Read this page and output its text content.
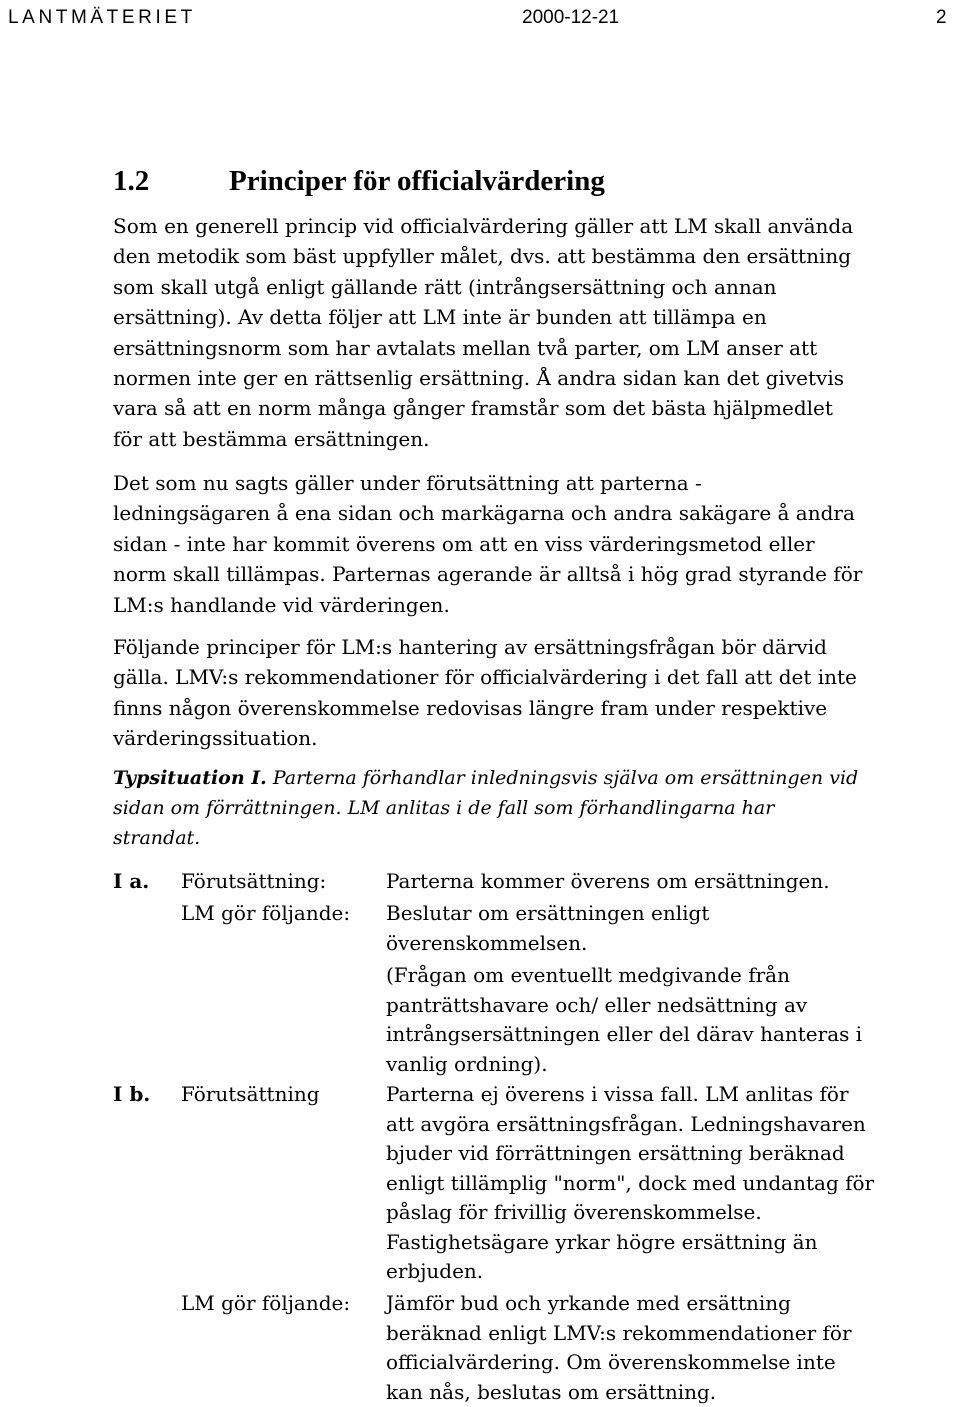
LANTMÄTERIET	2000-12-21	2
1.2	Principer för officialvärdering

Som en generell princip vid officialvärdering gäller att LM skall använda den metodik som bäst uppfyller målet, dvs. att bestämma den ersättning som skall utgå enligt gällande rätt (intrångsersättning och annan ersättning). Av detta följer att LM inte är bunden att tillämpa en ersättningsnorm som har avtalats mellan två parter, om LM anser att normen inte ger en rättsenlig ersättning. Å andra sidan kan det givetvis vara så att en norm många gånger framstår som det bästa hjälpmedlet för att bestämma ersättningen.

Det som nu sagts gäller under förutsättning att parterna - ledningsägaren å ena sidan och markägarna och andra sakägare å andra sidan - inte har kommit överens om att en viss värderingsmetod eller norm skall tillämpas. Parternas agerande är alltså i hög grad styrande för LM:s handlande vid värderingen.

Följande principer för LM:s hantering av ersättningsfrågan bör därvid gälla. LMV:s rekommendationer för officialvärdering i det fall att det inte finns någon överenskommelse redovisas längre fram under respektive värderingssituation.

Typsituation I. Parterna förhandlar inledningsvis själva om ersättningen vid sidan om förrättningen. LM anlitas i de fall som förhandlingarna har strandat.

I a. Förutsättning:	Parterna kommer överens om ersättningen.
LM gör följande: Beslutar om ersättningen enligt överenskommelsen.
(Frågan om eventuellt medgivande från panträttshavare och/ eller nedsättning av intrångsersättningen eller del därav hanteras i vanlig ordning).
I b. Förutsättning	Parterna ej överens i vissa fall. LM anlitas för att avgöra ersättningsfrågan. Ledningshavaren bjuder vid förrättningen ersättning beräknad enligt tillämplig "norm", dock med undantag för påslag för frivillig överenskommelse. Fastighetsägare yrkar högre ersättning än erbjuden.
LM gör följande: Jämför bud och yrkande med ersättning beräknad enligt LMV:s rekommendationer för officialvärdering. Om överenskommelse inte kan nås, beslutas om ersättning.
